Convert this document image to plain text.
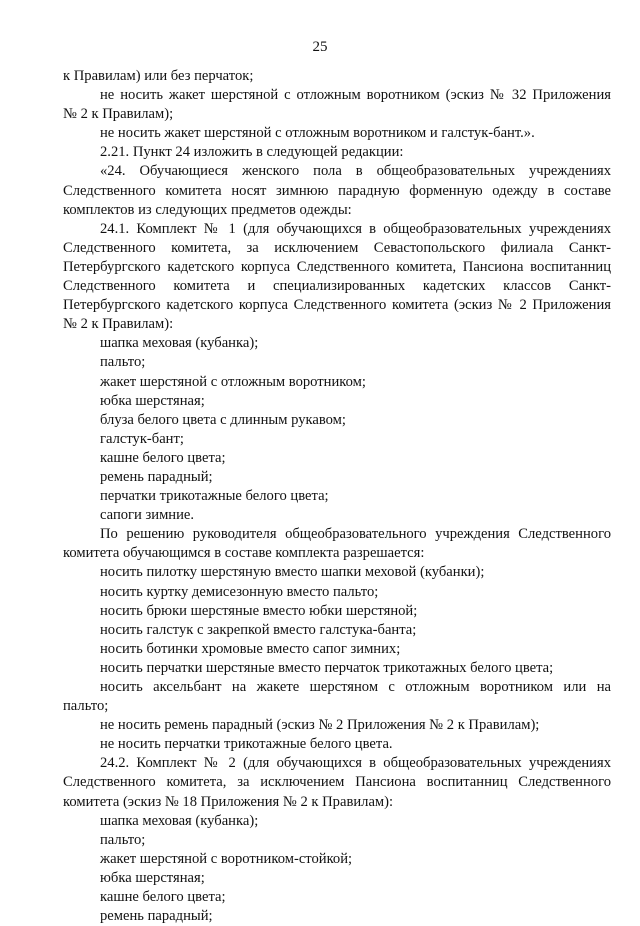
25
к Правилам) или без перчаток;
не носить жакет шерстяной с отложным воротником (эскиз № 32 Приложения
№ 2 к Правилам);
не носить жакет шерстяной с отложным воротником и галстук-бант.».
2.21. Пункт 24 изложить в следующей редакции:
«24. Обучающиеся женского пола в общеобразовательных учреждениях
Следственного комитета носят зимнюю парадную форменную одежду в составе
комплектов из следующих предметов одежды:
24.1. Комплект № 1 (для обучающихся в общеобразовательных учреждениях
Следственного комитета, за исключением Севастопольского филиала Санкт-
Петербургского кадетского корпуса Следственного комитета, Пансиона воспитанниц
Следственного комитета и специализированных кадетских классов Санкт-
Петербургского кадетского корпуса Следственного комитета (эскиз № 2 Приложения
№ 2 к Правилам):
шапка меховая (кубанка);
пальто;
жакет шерстяной с отложным воротником;
юбка шерстяная;
блуза белого цвета с длинным рукавом;
галстук-бант;
кашне белого цвета;
ремень парадный;
перчатки трикотажные белого цвета;
сапоги зимние.
По решению руководителя общеобразовательного учреждения Следственного
комитета обучающимся в составе комплекта разрешается:
носить пилотку шерстяную вместо шапки меховой (кубанки);
носить куртку демисезонную вместо пальто;
носить брюки шерстяные вместо юбки шерстяной;
носить галстук с закрепкой вместо галстука-банта;
носить ботинки хромовые вместо сапог зимних;
носить перчатки шерстяные вместо перчаток трикотажных белого цвета;
носить аксельбант на жакете шерстяном с отложным воротником или на
пальто;
не носить ремень парадный (эскиз № 2 Приложения № 2 к Правилам);
не носить перчатки трикотажные белого цвета.
24.2. Комплект № 2 (для обучающихся в общеобразовательных учреждениях
Следственного комитета, за исключением Пансиона воспитанниц Следственного
комитета (эскиз № 18 Приложения № 2 к Правилам):
шапка меховая (кубанка);
пальто;
жакет шерстяной с воротником-стойкой;
юбка шерстяная;
кашне белого цвета;
ремень парадный;
